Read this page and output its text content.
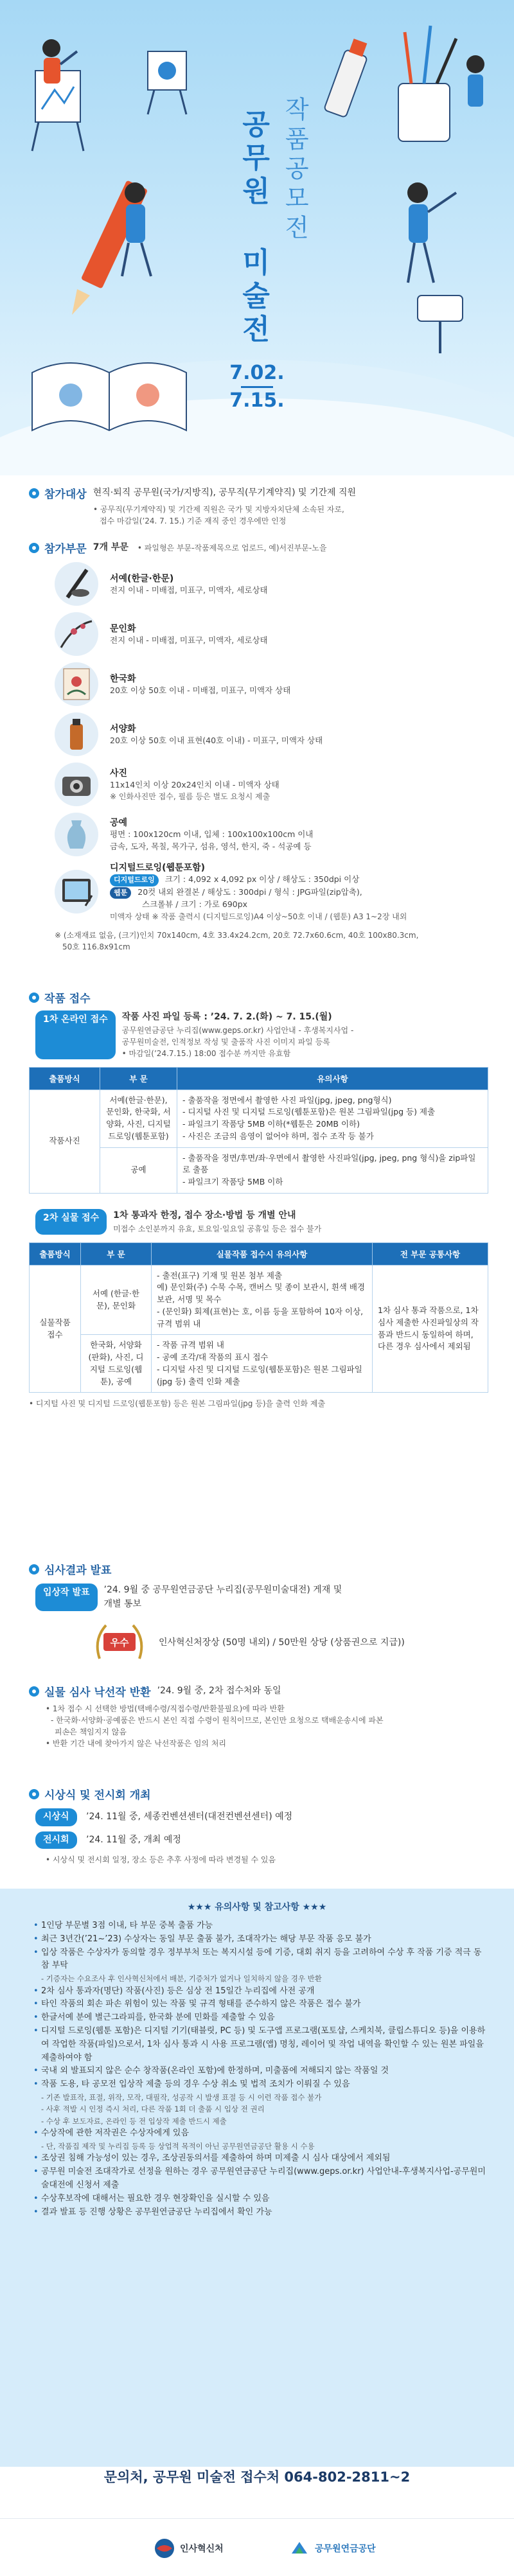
공무원 미술전 작품공모전
7.02.
7.15.
참가대상 현직·퇴직 공무원(국가/지방직), 공무직(무기계약직) 및 기간제 직원
• 공무직(무기계약직) 및 기간제 직원은 국가 및 지방자치단체 소속된 자로,
접수 마감일(’24. 7. 15.) 기준 재직 중인 경우에만 인정
참가부문 7개 부문 • 파일형은 부문-작품제목으로 업로드, 예)서진부문-노을
서예(한글·한문)
전지 이내 - 미배접, 미표구, 미액자, 세로상태
문인화
전지 이내 - 미배접, 미표구, 미액자, 세로상태
한국화
20호 이상 50호 이내 - 미배접, 미표구, 미액자 상태
서양화
20호 이상 50호 이내 표현(40호 이내) - 미표구, 미액자 상태
사진
11x14인치 이상 20x24인치 이내 - 미액자 상태
※ 인화사진만 접수, 필름 등은 별도 요청시 제출
공예
평면 : 100x120cm 이내, 입체 : 100x100x100cm 이내
금속, 도자, 목칠, 목가구, 섬유, 영석, 한지, 죽 - 석공예 등
디지털드로잉(웹툰포함)
디지털드로잉 크기 : 4,092 x 4,092 px 이상 / 해상도 : 350dpi 이상
웹툰 20컷 내외 완결본 / 해상도 : 300dpi / 형식 : JPG파일(zip압축),
스크롤뷰 / 크기 : 가로 690px
미액자 상태 ※ 작품 출력시 (디지털드로잉)A4 이상~50호 이내 / (웹툰) A3 1~2장 내외
※ (소재재료 없음, (크기)인치 70x140cm, 4호 33.4x24.2cm, 20호 72.7x60.6cm, 40호 100x80.3cm,
50호 116.8x91cm
작품 접수
1차 온라인 접수	작품 사진 파일 등록 : ’24. 7. 2.(화) ~ 7. 15.(월)
공무원연금공단 누리집(www.geps.or.kr) 사업안내 - 후생복지사업 -
공무원미술전, 인적정보 작성 및 출품작 사진 이미지 파일 등록
• 마감일(’24.7.15.) 18:00 접수분 까지만 유효함
출품방식	부 문	유의사항
작품사진	서예(한글·한문), 문인화, 한국화, 서양화, 사진, 디지털 드로잉(웹툰포함)	- 출품작을 정면에서 촬영한 사진 파일(jpg, jpeg, png형식)
- 디지털 사진 및 디지털 드로잉(웹툰포함)은 원본 그림파일(jpg 등) 제출
- 파일크기 작품당 5MB 이하(*웹툰은 20MB 이하)
- 사진은 조금의 음영이 없어야 하며, 접수 조작 등 불가

	공예	- 출품작을 정면/후면/좌·우면에서 촬영한 사진파일(jpg, jpeg, png 형식)을 zip파일로 출품
- 파일크기 작품당 5MB 이하
2차 실물 접수	1차 통과자 한정, 접수 장소·방법 등 개별 안내
미접수 소인분까지 유효, 토요일·일요일 공휴일 등은 접수 불가
출품방식	부 문	실물작품 접수시 유의사항	전 부문 공통사항
실물작품 접수	서예 (한글·한문), 문인화	- 출전(표구) 기재 및 원본 첨부 제출
예) 문인화(주) 수묵 수목, 캔버스 및 종이 보관시, 흰색 배경 보관, 서명 및 목수
- (문인화) 회제(표현)는 호, 이름 등을 포함하여 10자 이상, 규격 범위 내	1차 심사 통과 작품으로, 1차 심사 제출한 사진파일상의 작품과 반드시 동일하여 하며, 다른 경우 심사에서 제외됨
	한국화, 서양화(판화), 사진, 디지털 드로잉(웹툰), 공예	- 작품 규격 범위 내
- 공예 조각/대 작품의 표시 접수
- 디지털 사진 및 디지털 드로잉(웹툰포함)은 원본 그림파일(jpg 등) 출력 인화 제출	
• 디지털 사진 및 디지털 드로잉(웹툰포함) 등은 원본 그림파일(jpg 등)을 출력 인화 제출
심사결과 발표
입상작 발표	’24. 9월 중 공무원연금공단 누리집(공무원미술대전) 게재 및
개별 통보
우수	인사혁신처장상 (50명 내외) / 50만원 상당 (상품권으로 지급))
실물 심사 낙선작 반환 ’24. 9월 중, 2차 접수처와 동일
• 1차 접수 시 선택한 방법(택배수령/직접수령/반환불필요)에 따라 반환
- 한국화·서양화·공예품은 반드시 본인 직접 수령이 원칙이므로, 본인만 요청으로 택배운송시에 파본
피손은 책임지지 않음
• 반환 기간 내에 찾아가지 않은 낙선작품은 임의 처리
시상식 및 전시회 개최
시상식 ’24. 11월 중, 세종컨벤션센터(대전컨벤션센터) 예정
전시회 ’24. 11월 중, 개최 예정
• 시상식 및 전시회 일정, 장소 등은 추후 사정에 따라 변경될 수 있음
★★★ 유의사항 및 참고사항 ★★★
• 1인당 부문별 3점 이내, 타 부문 중복 출품 가능
• 최근 3년간(’21~’23) 수상자는 동일 부문 출품 불가, 조대작가는 해당 부문 작품 응모 불가
• 입상 작품은 수상자가 동의할 경우 정부부처 또는 복지시설 등에 기증, 대회 취지 등을 고려하여 수상 후 작품 기증 적극 동참 부탁
- 기증자는 수요조사 후 인사혁신처에서 배분, 기증처가 없거나 일치하지 않을 경우 반환
• 2차 심사 통과자(명단) 작품(사진) 등은 심상 전 15일간 누리집에 사전 공개
• 타인 작품의 회손 파손 위험이 있는 작품 및 규격 형태를 준수하지 않은 작품은 접수 불가
• 한글서예 분에 별근그라피를, 한국화 분에 민화를 제출할 수 있음
• 디지털 드로잉(웹툰 포함)은 디지털 기기(태블릿, PC 등) 및 도구앱 프로그램(포토샵, 스케치북, 클립스튜디오 등)을 이용하여 작업한 작품(파일)으로서, 1차 심사 통과 시 사용 프로그램(앱) 명칭, 레이어 및 작업 내역을 확인할 수 있는 원본 파일을 제출하여야 함
• 국내 외 발표되지 않은 순수 창작품(온라인 포함)에 한정하며, 미출품에 저해되지 않는 작품일 것
• 작품 도용, 타 공모전 입상작 제출 등의 경우 수상 취소 및 법적 조치가 이뤄질 수 있음
- 기존 발표작, 표절, 위작, 모작, 대필작, 성공작 시 발생 표절 등 시 이런 작품 접수 불가
- 사후 적발 시 인정 즉시 처리, 다른 작품 1회 더 출품 시 입상 전 권리
- 수상 후 보도자료, 온라인 등 전 입상작 제출 반드시 제출
• 수상작에 관한 저작권은 수상자에게 있음
- 단, 작품집 제작 및 누리집 등록 등 상업적 목적이 아닌 공무원연금공단 활용 시 수용
• 조상권 침해 가능성이 있는 경우, 조상권동의서를 제출하여 하며 미제출 시 심사 대상에서 제외됨
• 공무원 미술전 조대작가로 선정을 원하는 경우 공무원연금공단 누리집(www.geps.or.kr) 사업안내-후생복지사업-공무원미술대전에 신청서 제출
• 수상후보작에 대해서는 필요한 경우 현장확인을 실시할 수 있음
• 결과 발표 등 진행 상황은 공무원연금공단 누리집에서 확인 가능
문의처, 공무원 미술전 접수처 064-802-2811~2
인사혁신처	공무원연금공단
